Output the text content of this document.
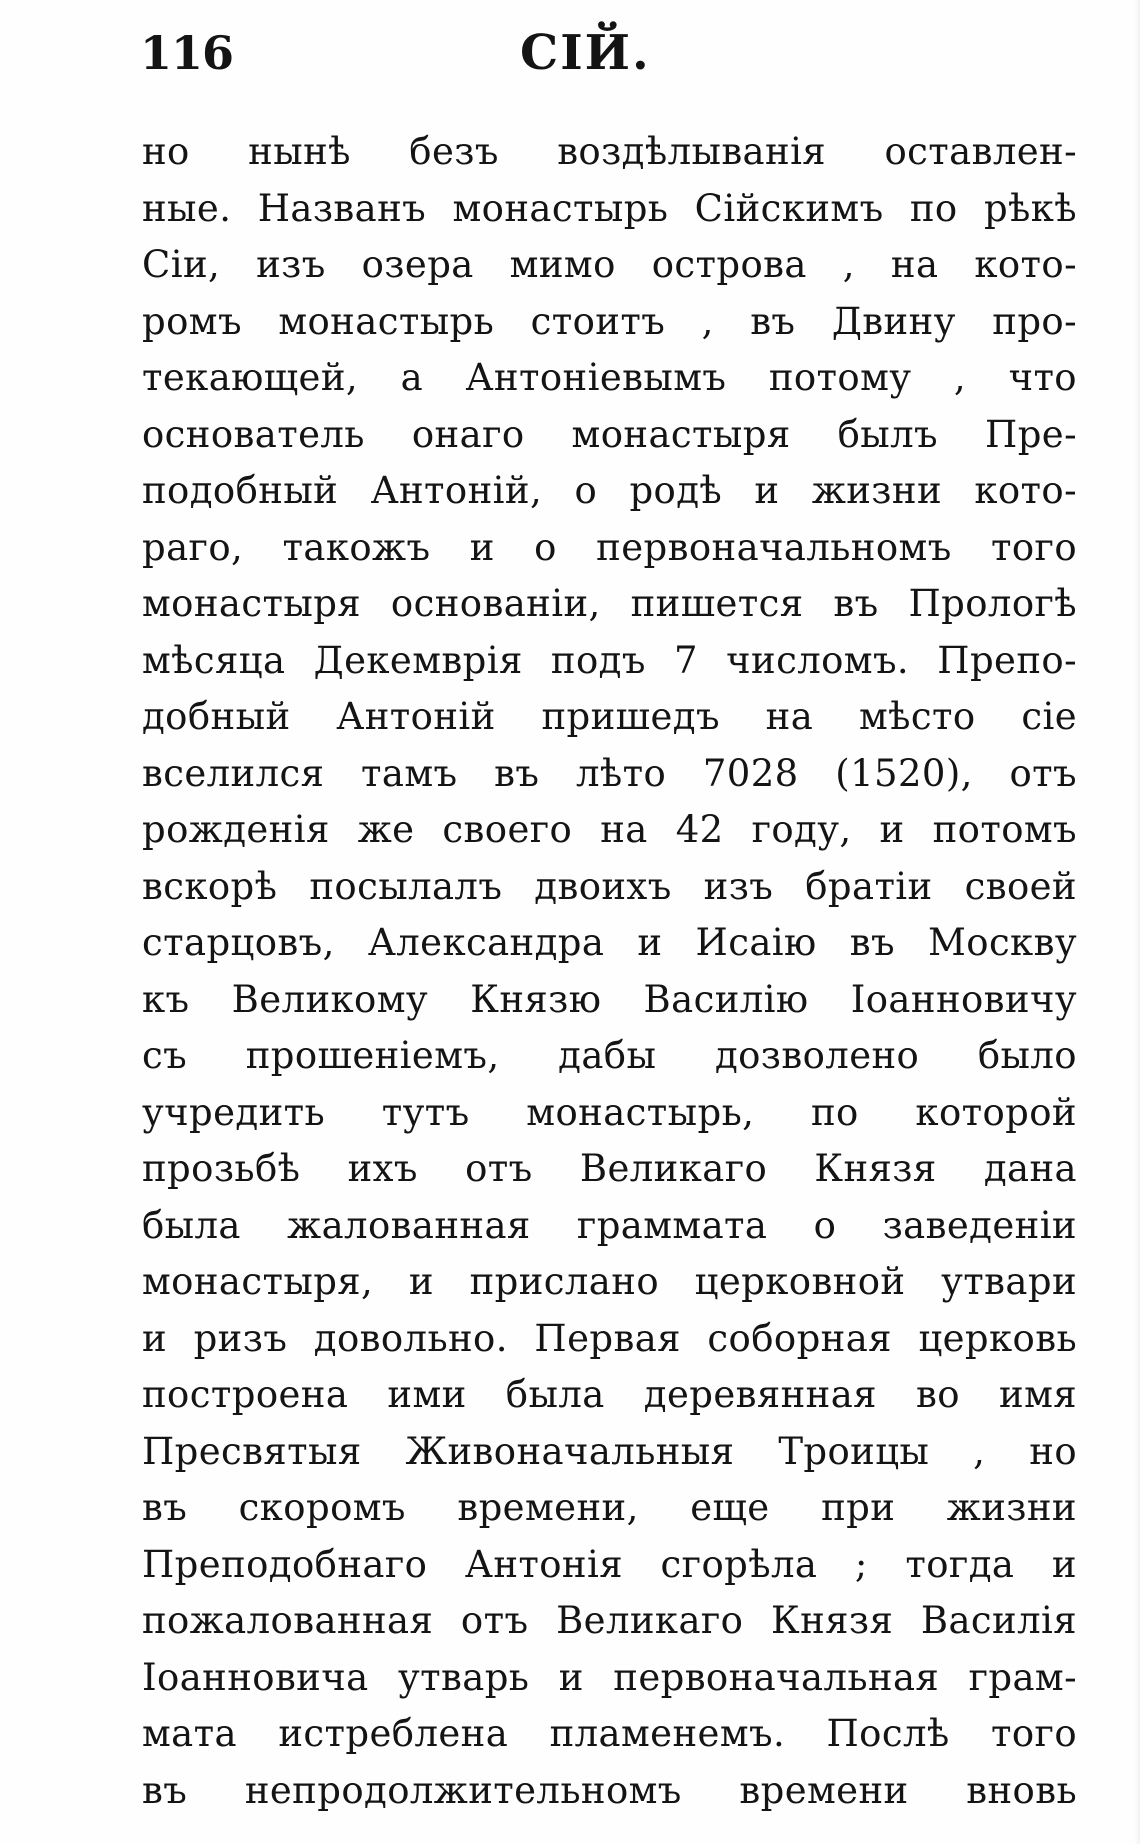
116	СІЙ.
но нынѣ безъ воздѣлыванія оставлен-
ные. Названъ монастырь Сійскимъ по рѣкѣ
Сіи, изъ озера мимо острова , на кото-
ромъ монастырь стоитъ , въ Двину про-
текающей, а Антоніевымъ потому , что
основатель онаго монастыря былъ Пре-
подобный Антоній, о родѣ и жизни кото-
раго, такожъ и о первоначальномъ того
монастыря основаніи, пишется въ Прологѣ
мѣсяца Декемврія подъ 7 числомъ. Препо-
добный Антоній пришедъ на мѣсто сіе
вселился тамъ въ лѣто 7028 (1520), отъ
рожденія же своего на 42 году, и потомъ
вскорѣ посылалъ двоихъ изъ братіи своей
старцовъ, Александра и Исаію въ Москву
къ Великому Князю Василію Іоанновичу
съ прошеніемъ, дабы дозволено было
учредить тутъ монастырь, по которой
прозьбѣ ихъ отъ Великаго Князя дана
была жалованная граммата о заведеніи
монастыря, и прислано церковной утвари
и ризъ довольно. Первая соборная церковь
построена ими была деревянная во имя
Пресвятыя Живоначальныя Троицы , но
въ скоромъ времени, еще при жизни
Преподобнаго Антонія сгорѣла ; тогда и
пожалованная отъ Великаго Князя Василія
Іоанновича утварь и первоначальная грам-
мата истреблена пламенемъ. Послѣ того
въ непродолжительномъ времени вновь
